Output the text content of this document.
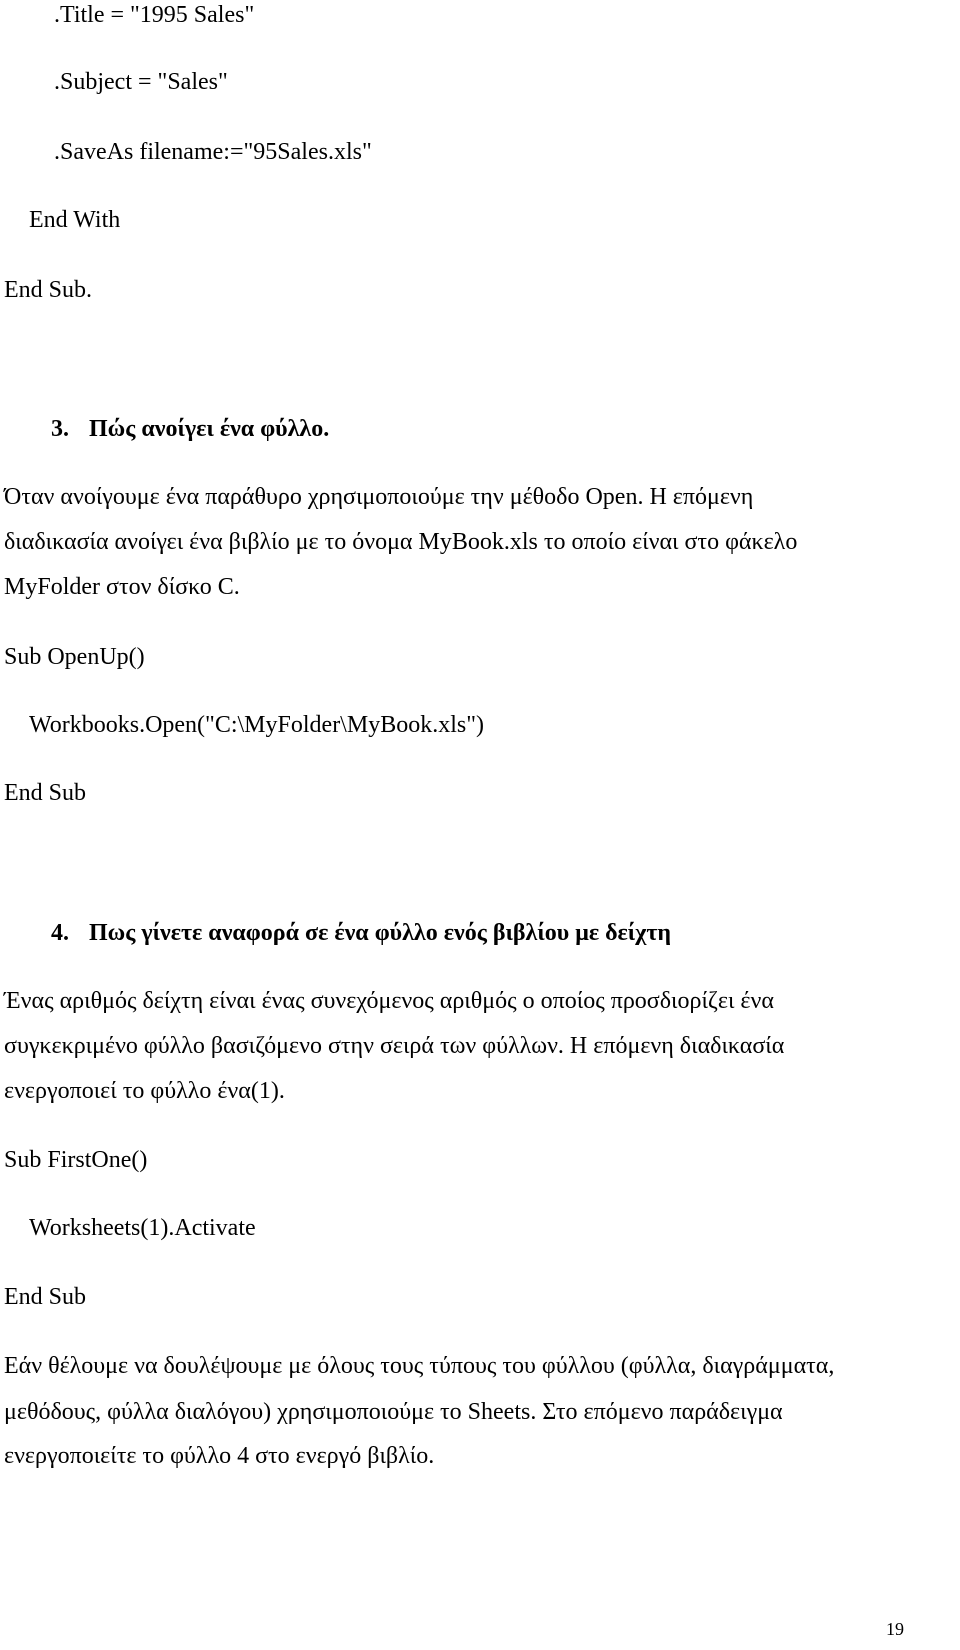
.Title = "1995 Sales"

.Subject = "Sales"

.SaveAs filename:="95Sales.xls"

End With

End Sub.

3. Πώς ανοίγει ένα φύλλο.

Όταν ανοίγουμε ένα παράθυρο χρησιμοποιούμε την μέθοδο Open. Η επόμενη

διαδικασία ανοίγει ένα βιβλίο με το όνομα MyBook.xls το οποίο είναι στο φάκελο

MyFolder στον δίσκο C.

Sub OpenUp()

Workbooks.Open("C:\MyFolder\MyBook.xls")

End Sub

4. Πως γίνετε αναφορά σε ένα φύλλο ενός βιβλίου με δείχτη

Ένας αριθμός δείχτη είναι ένας συνεχόμενος αριθμός ο οποίος προσδιορίζει ένα

συγκεκριμένο φύλλο βασιζόμενο στην σειρά των φύλλων. Η επόμενη διαδικασία

ενεργοποιεί το φύλλο ένα(1).

Sub FirstOne()

Worksheets(1).Activate

End Sub

Εάν θέλουμε να δουλέψουμε με όλους τους τύπους του φύλλου (φύλλα, διαγράμματα,

μεθόδους, φύλλα διαλόγου) χρησιμοποιούμε το Sheets. Στο επόμενο παράδειγμα

ενεργοποιείτε το φύλλο 4 στο ενεργό βιβλίο.

19
